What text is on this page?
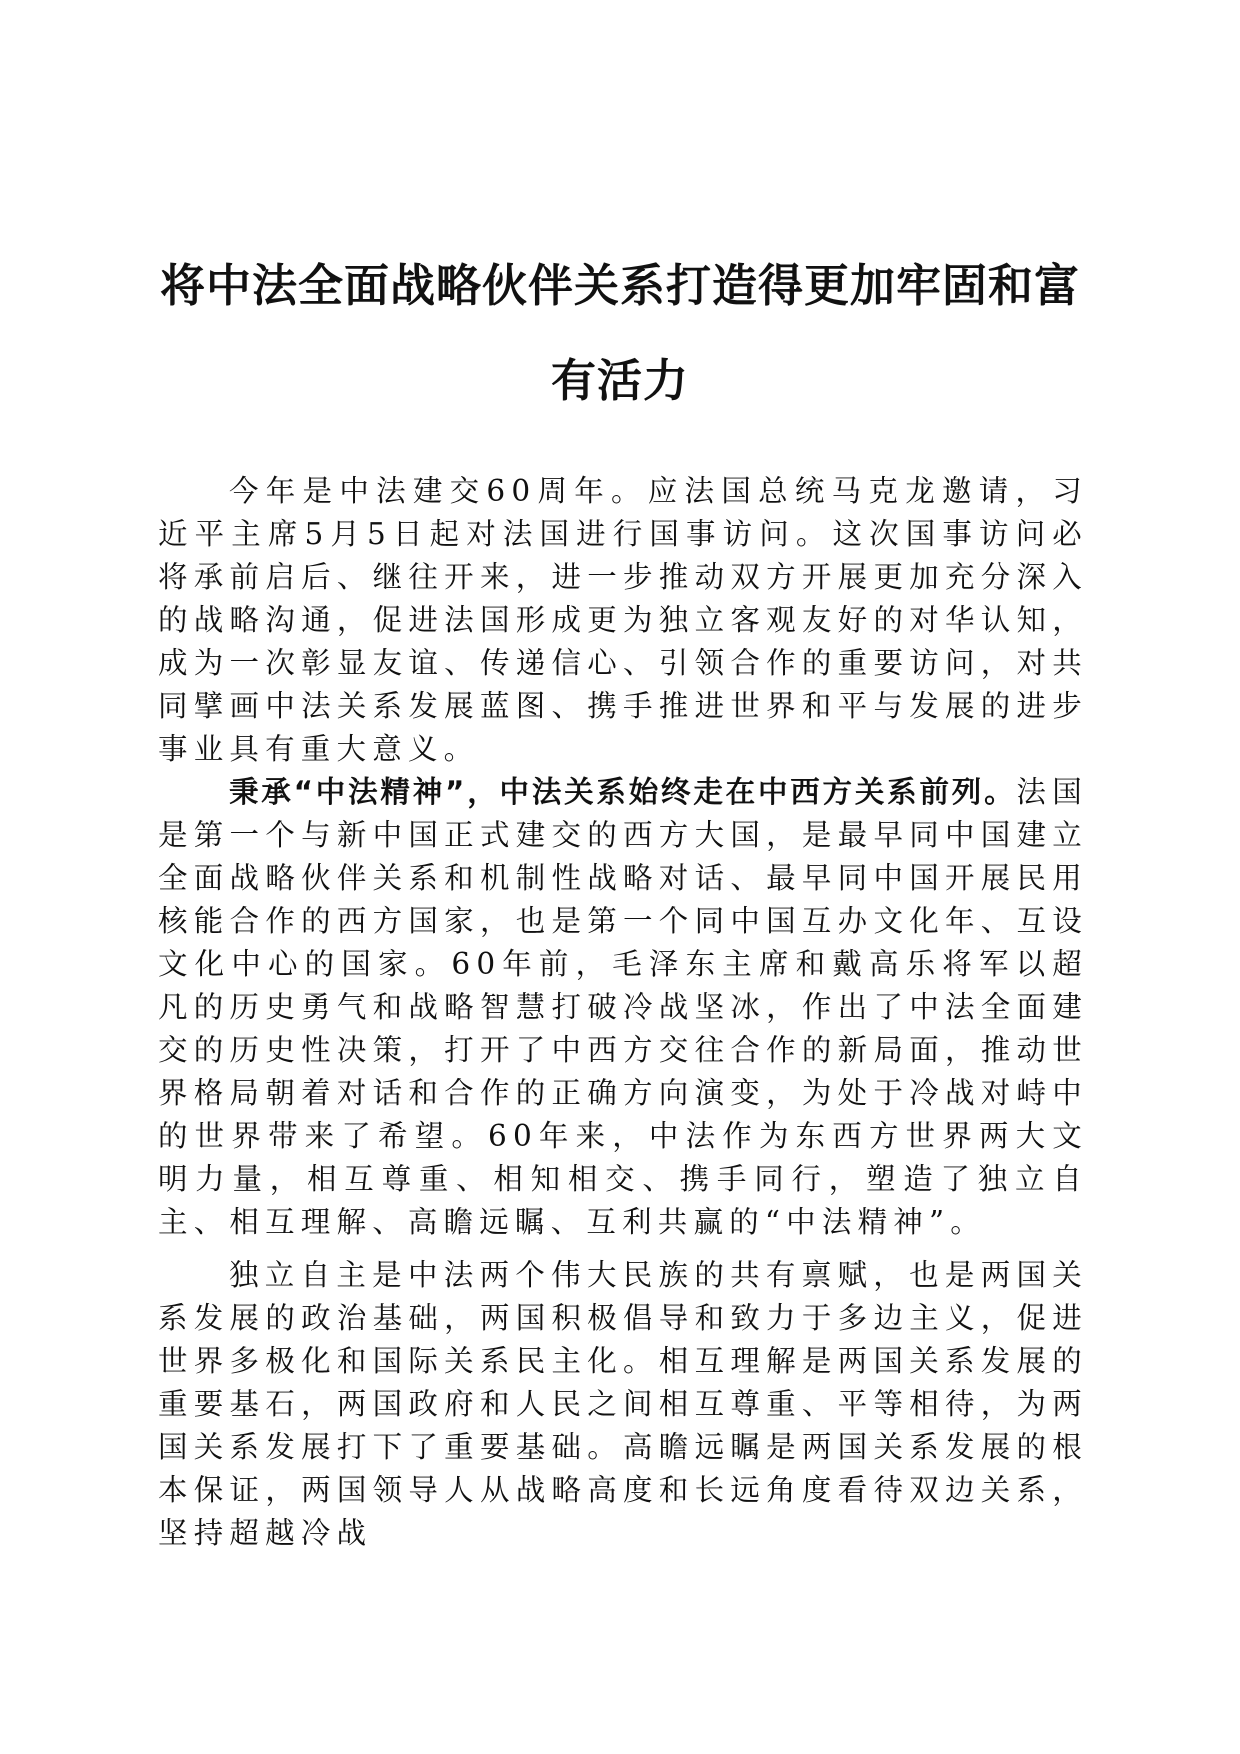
将中法全面战略伙伴关系打造得更加牢固和富有活力

今年是中法建交60周年。应法国总统马克龙邀请，习近平主席5月5日起对法国进行国事访问。这次国事访问必将承前启后、继往开来，进一步推动双方开展更加充分深入的战略沟通，促进法国形成更为独立客观友好的对华认知，成为一次彰显友谊、传递信心、引领合作的重要访问，对共同擘画中法关系发展蓝图、携手推进世界和平与发展的进步事业具有重大意义。

秉承“中法精神”，中法关系始终走在中西方关系前列。法国是第一个与新中国正式建交的西方大国，是最早同中国建立全面战略伙伴关系和机制性战略对话、最早同中国开展民用核能合作的西方国家，也是第一个同中国互办文化年、互设文化中心的国家。60年前，毛泽东主席和戴高乐将军以超凡的历史勇气和战略智慧打破冷战坚冰，作出了中法全面建交的历史性决策，打开了中西方交往合作的新局面，推动世界格局朝着对话和合作的正确方向演变，为处于冷战对峙中的世界带来了希望。60年来，中法作为东西方世界两大文明力量，相互尊重、相知相交、携手同行，塑造了独立自主、相互理解、高瞻远瞩、互利共赢的“中法精神”。

独立自主是中法两个伟大民族的共有禀赋，也是两国关系发展的政治基础，两国积极倡导和致力于多边主义，促进世界多极化和国际关系民主化。相互理解是两国关系发展的重要基石，两国政府和人民之间相互尊重、平等相待，为两国关系发展打下了重要基础。高瞻远瞩是两国关系发展的根本保证，两国领导人从战略高度和长远角度看待双边关系，坚持超越冷战
